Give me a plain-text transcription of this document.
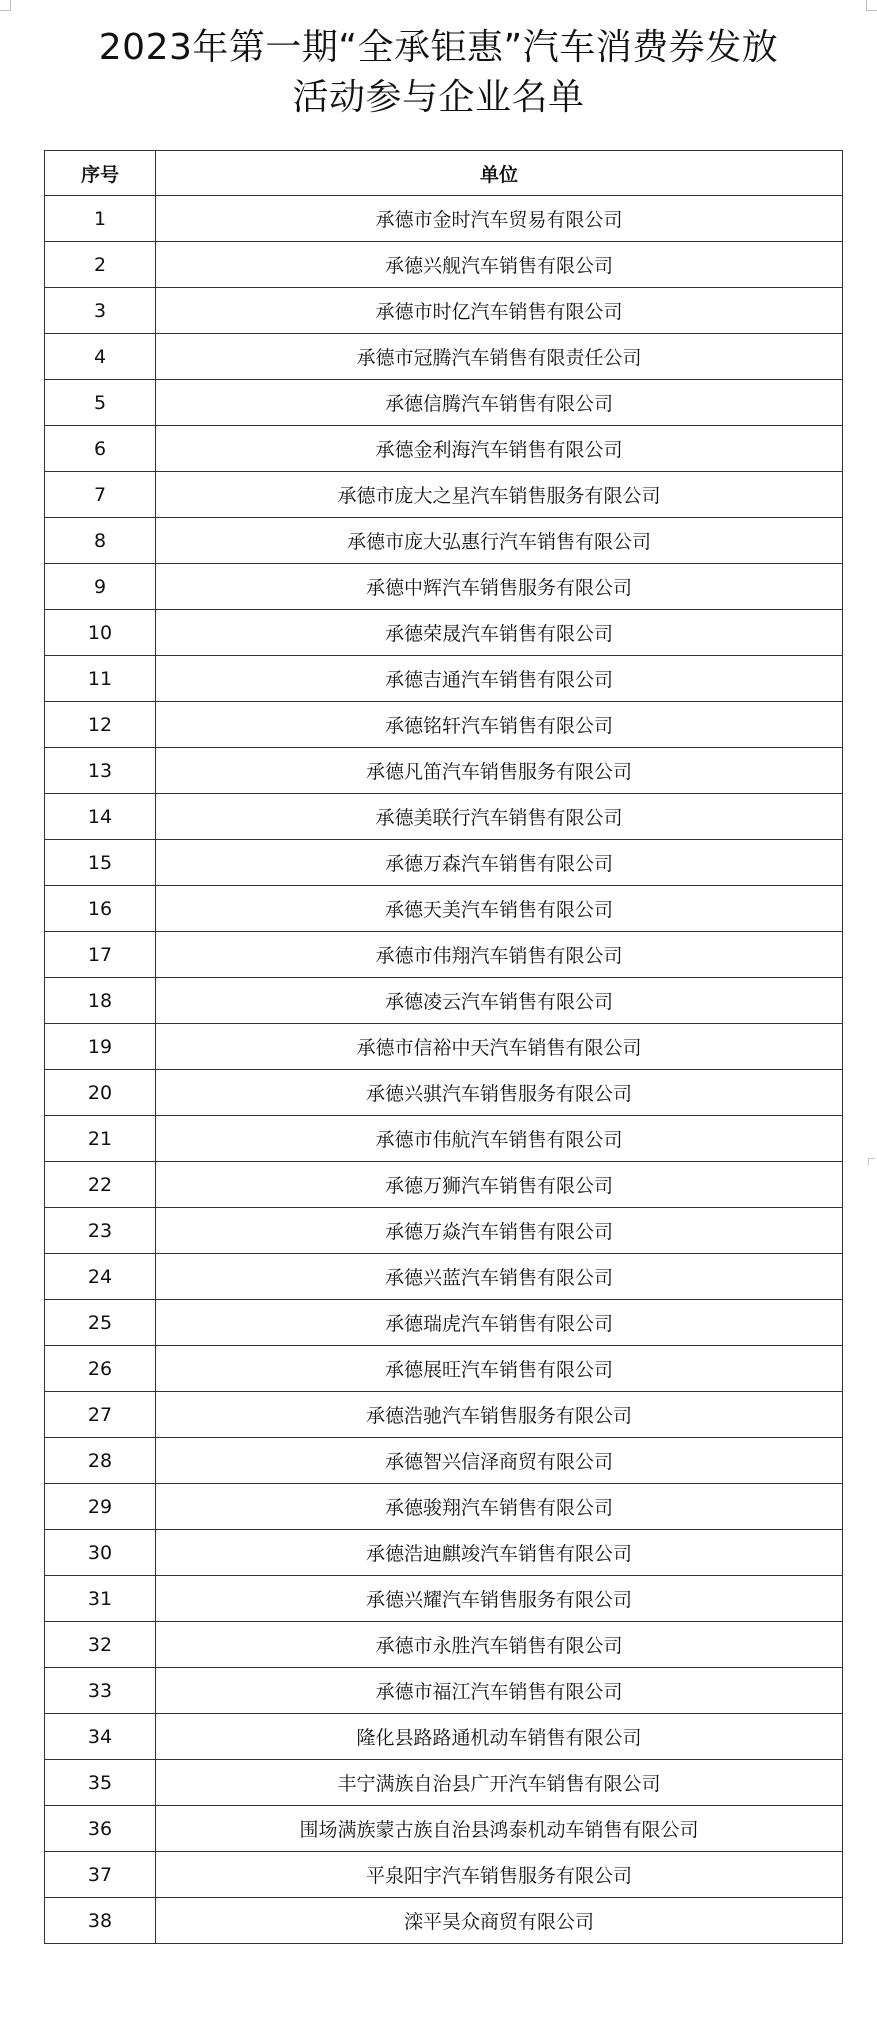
2023年第一期“全承钜惠”汽车消费券发放
活动参与企业名单
序号	单位
1	承德市金时汽车贸易有限公司
2	承德兴舰汽车销售有限公司
3	承德市时亿汽车销售有限公司
4	承德市冠腾汽车销售有限责任公司
5	承德信腾汽车销售有限公司
6	承德金利海汽车销售有限公司
7	承德市庞大之星汽车销售服务有限公司
8	承德市庞大弘惠行汽车销售有限公司
9	承德中辉汽车销售服务有限公司
10	承德荣晟汽车销售有限公司
11	承德吉通汽车销售有限公司
12	承德铭轩汽车销售有限公司
13	承德凡笛汽车销售服务有限公司
14	承德美联行汽车销售有限公司
15	承德万森汽车销售有限公司
16	承德天美汽车销售有限公司
17	承德市伟翔汽车销售有限公司
18	承德凌云汽车销售有限公司
19	承德市信裕中天汽车销售有限公司
20	承德兴骐汽车销售服务有限公司
21	承德市伟航汽车销售有限公司
22	承德万狮汽车销售有限公司
23	承德万焱汽车销售有限公司
24	承德兴蓝汽车销售有限公司
25	承德瑞虎汽车销售有限公司
26	承德展旺汽车销售有限公司
27	承德浩驰汽车销售服务有限公司
28	承德智兴信泽商贸有限公司
29	承德骏翔汽车销售有限公司
30	承德浩迪麒竣汽车销售有限公司
31	承德兴耀汽车销售服务有限公司
32	承德市永胜汽车销售有限公司
33	承德市福江汽车销售有限公司
34	隆化县路路通机动车销售有限公司
35	丰宁满族自治县广开汽车销售有限公司
36	围场满族蒙古族自治县鸿泰机动车销售有限公司
37	平泉阳宇汽车销售服务有限公司
38	滦平昊众商贸有限公司
